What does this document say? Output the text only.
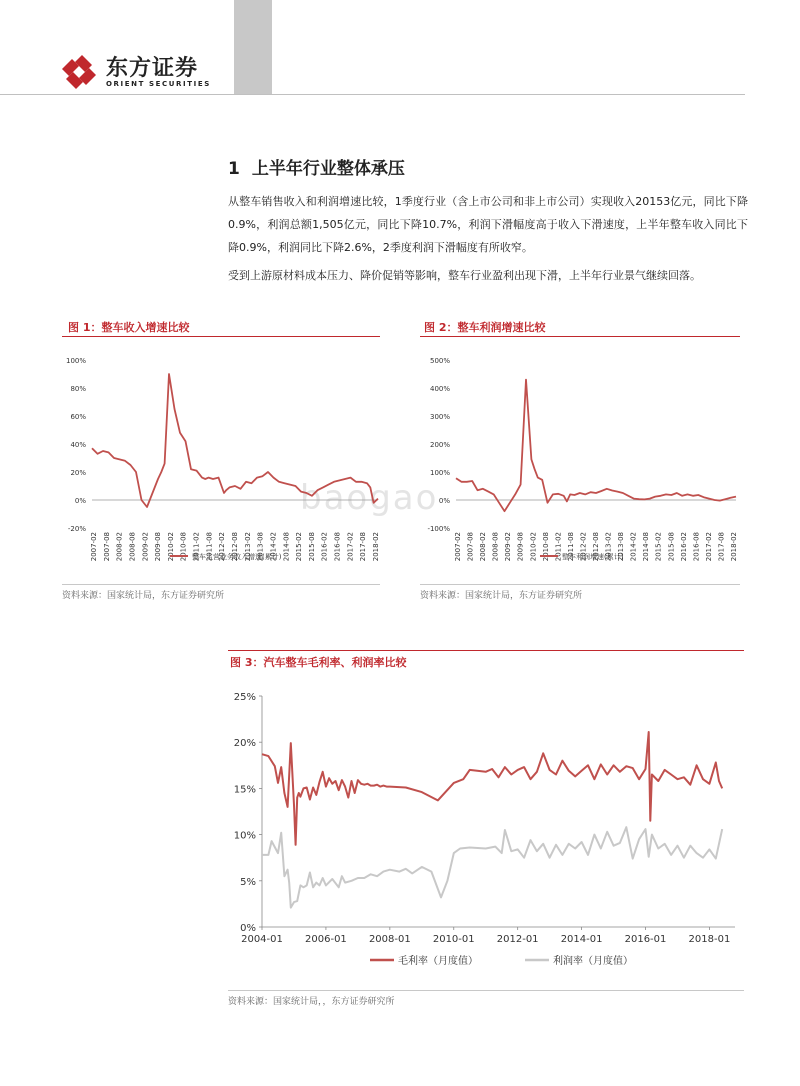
东方证券
ORIENT SECURITIES
1 上半年行业整体承压
从整车销售收入和利润增速比较，1季度行业（含上市公司和非上市公司）实现收入20153亿元，同比下降0.9%，利润总额1,505亿元，同比下降10.7%，利润下滑幅度高于收入下滑速度，上半年整车收入同比下降0.9%，利润同比下降2.6%，2季度利润下滑幅度有所收窄。
受到上游原材料成本压力、降价促销等影响，整车行业盈利出现下滑，上半年行业景气继续回落。
baogao
图 1：整车收入增速比较
100%
80%
60%
40%
20%
0%
-20%
2007-02 2007-08 2008-02 2008-08 2009-02 2009-08 2010-02 2010-08 2011-02 2011-08 2012-02 2012-08 2013-02 2013-08 2014-02 2014-08 2015-02 2015-08 2016-02 2016-08 2017-02 2017-08 2018-02
整车主营业务收入增速(累计)
资料来源：国家统计局，东方证券研究所
图 2：整车利润增速比较
500%
400%
300%
200%
100%
0%
-100%
2007-02 2007-08 2008-02 2008-08 2009-02 2009-08 2010-02 2010-08 2011-02 2011-08 2012-02 2012-08 2013-02 2013-08 2014-02 2014-08 2015-02 2015-08 2016-02 2016-08 2017-02 2017-08 2018-02
整车利润增速(累计)
资料来源：国家统计局，东方证券研究所
图 3：汽车整车毛利率、利润率比较
25%
20%
15%
10%
5%
0%
2004-01 2006-01 2008-01 2010-01 2012-01 2014-01 2016-01 2018-01
毛利率（月度值）	利润率（月度值）
资料来源：国家统计局，，东方证券研究所
